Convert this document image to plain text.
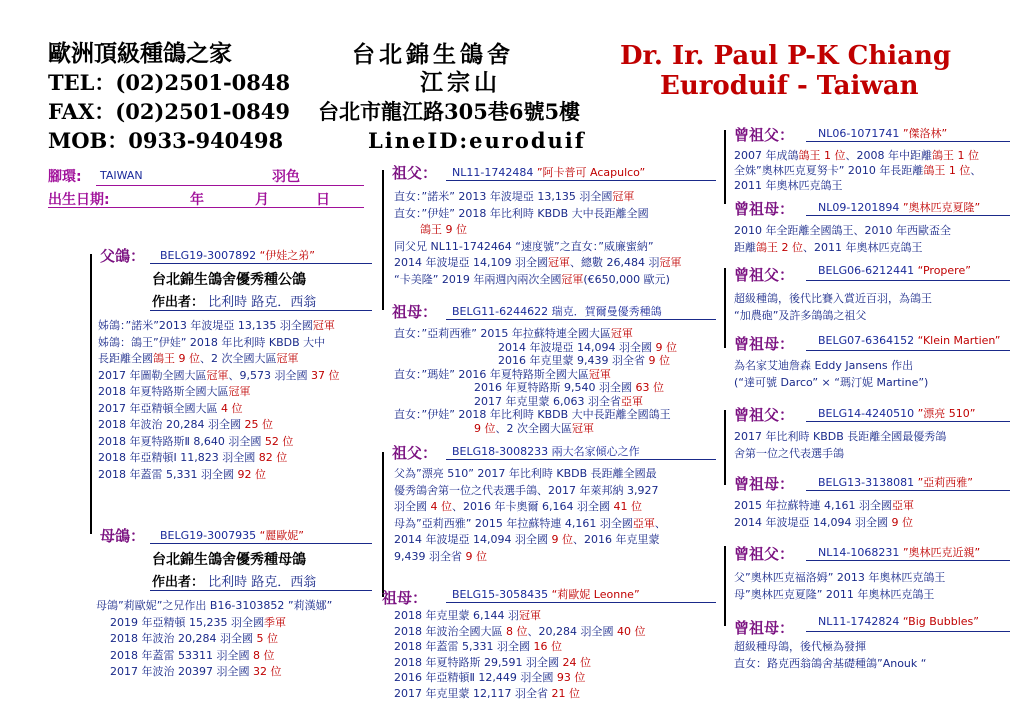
歐洲頂級種鴿之家
TEL：(02)2501-0848
FAX：(02)2501-0849
MOB：0933-940498
台北錦生鴿舍
江宗山
台北市龍江路305巷6號5樓
LineID:euroduif
Dr. Ir. Paul P-K Chiang
Euroduif - Taiwan
腳環: TAIWAN	羽色
出生日期:	年	月	日
父鴿： BELG19-3007892 “伊娃之弟”
台北錦生鴿舍優秀種公鴿
作出者： 比利時 路克．西翁
姊鴿：”諾米”2013 年波堤亞 13,135 羽全國冠軍
姊鴿：鴿王”伊娃” 2018 年比利時 KBDB 大中
長距離全國鴿王 9 位、2 次全國大區冠軍
2017 年圖勒全國大區冠軍、9,573 羽全國 37 位
2018 年夏特路斯全國大區冠軍
2017 年亞精頓全國大區 4 位
2018 年波治 20,284 羽全國 25 位
2018 年夏特路斯Ⅱ 8,640 羽全國 52 位
2018 年亞精頓Ⅰ 11,823 羽全國 82 位
2018 年蓋雷 5,331 羽全國 92 位
母鴿： BELG19-3007935 “麗歐妮”
台北錦生鴿舍優秀種母鴿
作出者： 比利時 路克．西翁
母鴿”莉歐妮”之兄作出 B16-3103852 ”莉漢娜”
2019 年亞精頓 15,235 羽全國季軍
2018 年波治 20,284 羽全國 5 位
2018 年蓋雷 53311 羽全國 8 位
2017 年波治 20397 羽全國 32 位
祖父： NL11-1742484 ”阿卡普可 Acapulco”
直女：”諾米” 2013 年波堤亞 13,135 羽全國冠軍
直女：”伊娃” 2018 年比利時 KBDB 大中長距離全國
鴿王 9 位
同父兄 NL11-1742464 “速度號”之直女：”威廉蜜納”
2014 年波堤亞 14,109 羽全國冠軍、總數 26,484 羽冠軍
“卡美隆” 2019 年兩週內兩次全國冠軍(€650,000 歐元)
祖母： BELG11-6244622 瑞克．賀爾曼優秀種鴿
直女：”亞莉西雅” 2015 年拉蘇特連全國大區冠軍
2014 年波堤亞 14,094 羽全國 9 位
2016 年克里蒙 9,439 羽全省 9 位
直女：”瑪娃” 2016 年夏特路斯全國大區冠軍
2016 年夏特路斯 9,540 羽全國 63 位
2017 年克里蒙 6,063 羽全省亞軍
直女：”伊娃” 2018 年比利時 KBDB 大中長距離全國鴿王
9 位、2 次全國大區冠軍
祖父： BELG18-3008233 兩大名家傾心之作
父為”漂亮 510” 2017 年比利時 KBDB 長距離全國最
優秀鴿舍第一位之代表選手鴿、2017 年萊邦納 3,927
羽全國 4 位、2016 年卡奧爾 6,164 羽全國 41 位
母為”亞莉西雅” 2015 年拉蘇特連 4,161 羽全國亞軍、
2014 年波堤亞 14,094 羽全國 9 位、2016 年克里蒙
9,439 羽全省 9 位
祖母： BELG15-3058435 “莉歐妮 Leonne”
2018 年克里蒙 6,144 羽冠軍
2018 年波治全國大區 8 位、20,284 羽全國 40 位
2018 年蓋雷 5,331 羽全國 16 位
2018 年夏特路斯 29,591 羽全國 24 位
2016 年亞精頓Ⅱ 12,449 羽全國 93 位
2017 年克里蒙 12,117 羽全省 21 位
曾祖父： NL06-1071741 ”傑洛林”
2007 年成鴿鴿王 1 位、2008 年中距離鴿王 1 位
全姝”奧林匹克夏努卡” 2010 年長距離鴿王 1 位、
2011 年奧林匹克鴿王
曾祖母： NL09-1201894 ”奧林匹克夏隆”
2010 年全距離全國鴿王、2010 年西歐盃全
距離鴿王 2 位、2011 年奧林匹克鴿王
曾祖父： BELG06-6212441 “Propere”
超級種鴿，後代比賽入賞近百羽，為鴿王
“加農砲”及許多鴿鴿之祖父
曾祖母： BELG07-6364152 “Klein Martien”
為名家艾迪詹森 Eddy Jansens 作出
(“達可號 Darco” × “瑪汀妮 Martine”)
曾祖父： BELG14-4240510 ”漂亮 510”
2017 年比利時 KBDB 長距離全國最優秀鴿
舍第一位之代表選手鴿
曾祖母： BELG13-3138081 ”亞莉西雅”
2015 年拉蘇特連 4,161 羽全國亞軍
2014 年波堤亞 14,094 羽全國 9 位
曾祖父： NL14-1068231 ”奧林匹克近親”
父”奧林匹克福洛姆” 2013 年奧林匹克鴿王
母”奧林匹克夏隆” 2011 年奧林匹克鴿王
曾祖母： NL11-1742824 “Big Bubbles”
超級種母鴿，後代極為發揮
直女：路克西翁鴿舍基礎種鴿”Anouk “
